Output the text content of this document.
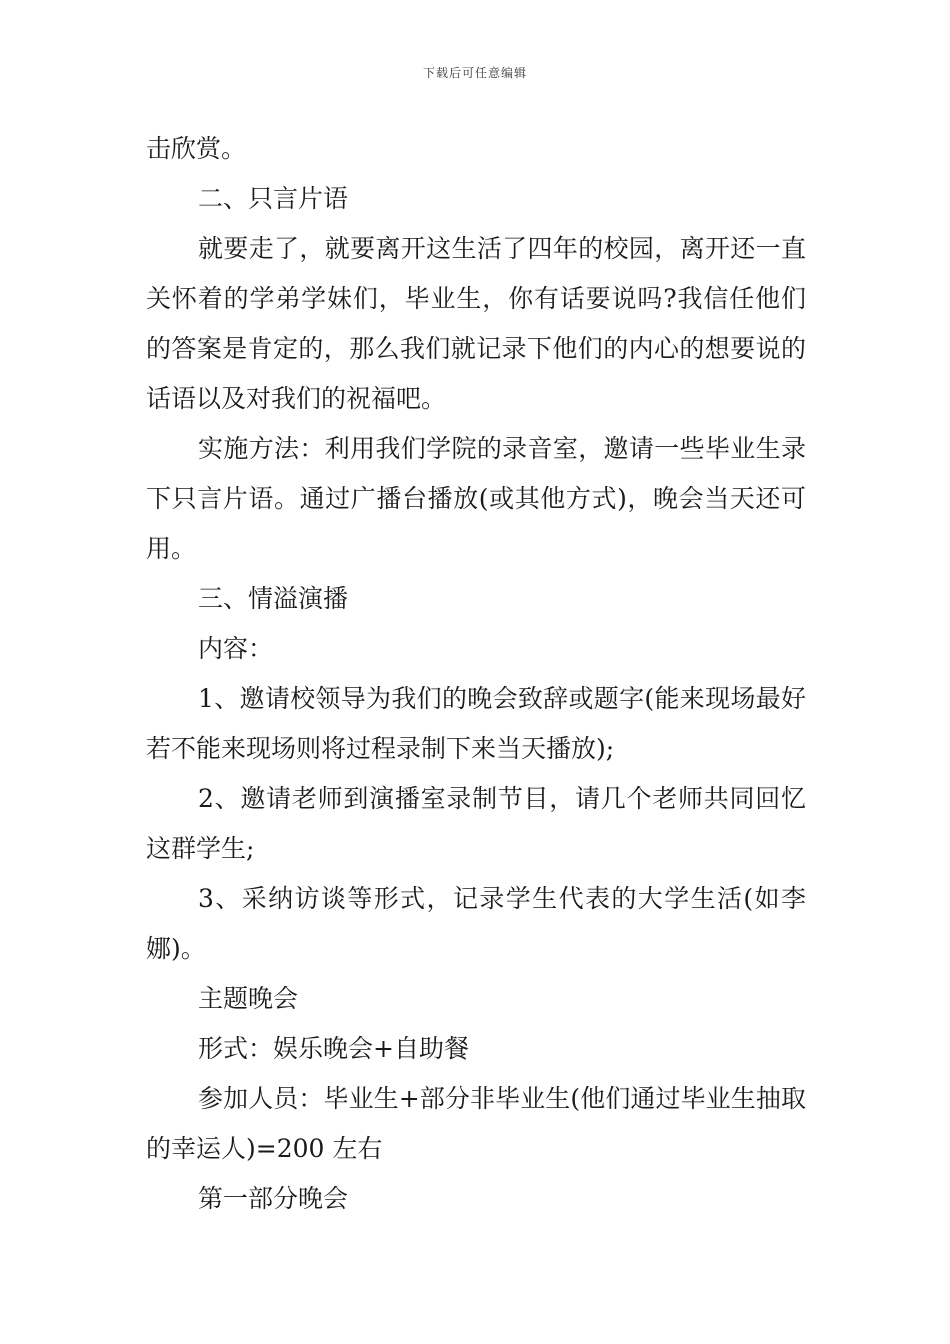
下载后可任意编辑

击欣赏。

二、只言片语

就要走了，就要离开这生活了四年的校园，离开还一直关怀着的学弟学妹们，毕业生，你有话要说吗?我信任他们的答案是肯定的，那么我们就记录下他们的内心的想要说的话语以及对我们的祝福吧。

实施方法：利用我们学院的录音室，邀请一些毕业生录下只言片语。通过广播台播放(或其他方式)，晚会当天还可用。

三、情溢演播

内容：

1、邀请校领导为我们的晚会致辞或题字(能来现场最好若不能来现场则将过程录制下来当天播放);

2、邀请老师到演播室录制节目，请几个老师共同回忆这群学生;

3、采纳访谈等形式，记录学生代表的大学生活(如李娜)。

主题晚会

形式：娱乐晚会+自助餐

参加人员：毕业生+部分非毕业生(他们通过毕业生抽取的幸运人)=200 左右

第一部分晚会
